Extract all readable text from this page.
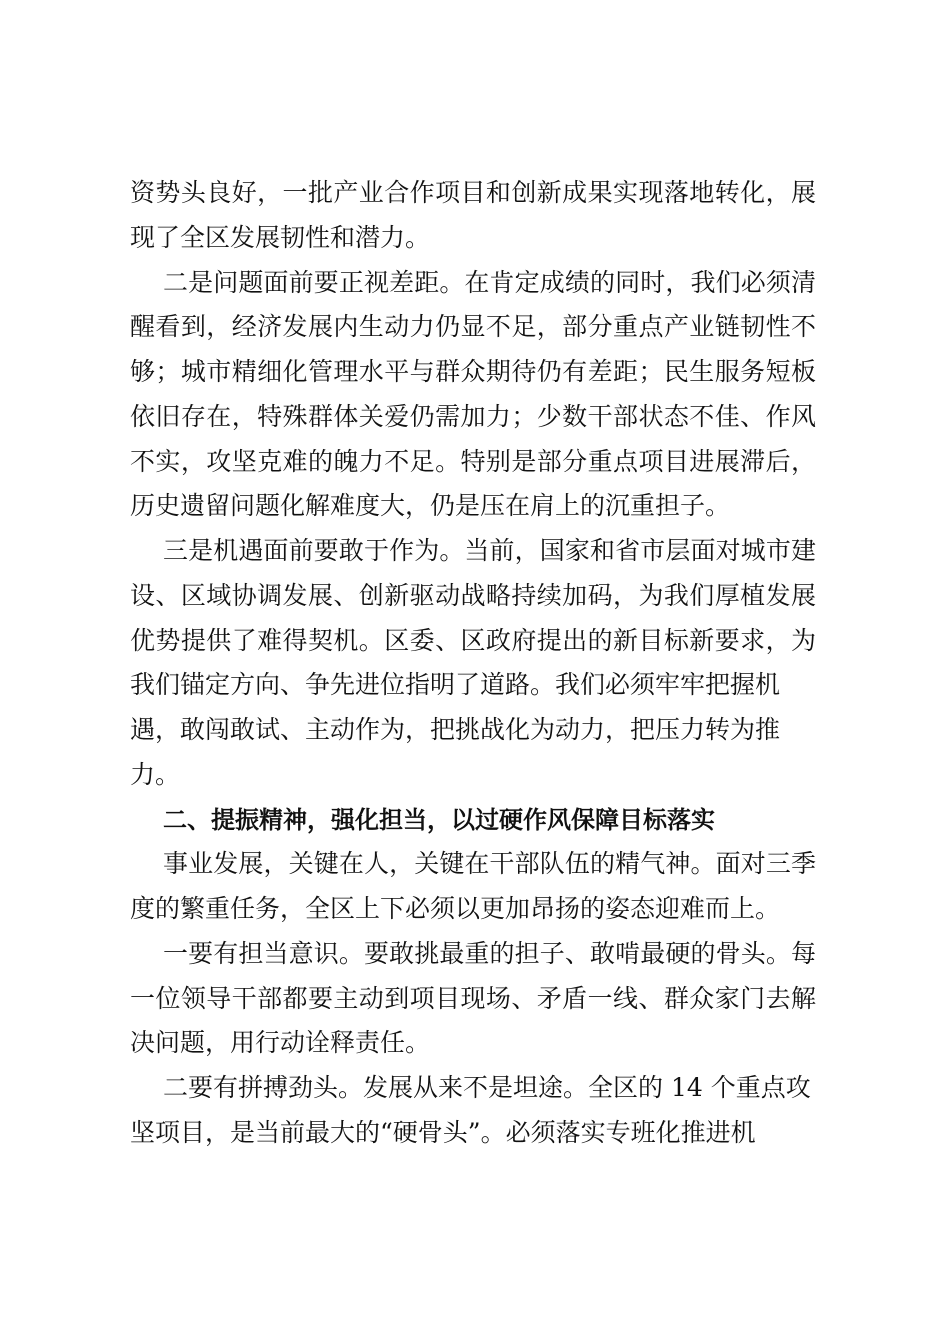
资势头良好，一批产业合作项目和创新成果实现落地转化，展
现了全区发展韧性和潜力。
二是问题面前要正视差距。在肯定成绩的同时，我们必须清
醒看到，经济发展内生动力仍显不足，部分重点产业链韧性不
够；城市精细化管理水平与群众期待仍有差距；民生服务短板
依旧存在，特殊群体关爱仍需加力；少数干部状态不佳、作风
不实，攻坚克难的魄力不足。特别是部分重点项目进展滞后，
历史遗留问题化解难度大，仍是压在肩上的沉重担子。
三是机遇面前要敢于作为。当前，国家和省市层面对城市建
设、区域协调发展、创新驱动战略持续加码，为我们厚植发展
优势提供了难得契机。区委、区政府提出的新目标新要求，为
我们锚定方向、争先进位指明了道路。我们必须牢牢把握机
遇，敢闯敢试、主动作为，把挑战化为动力，把压力转为推
力。
二、提振精神，强化担当，以过硬作风保障目标落实
事业发展，关键在人，关键在干部队伍的精气神。面对三季
度的繁重任务，全区上下必须以更加昂扬的姿态迎难而上。
一要有担当意识。要敢挑最重的担子、敢啃最硬的骨头。每
一位领导干部都要主动到项目现场、矛盾一线、群众家门去解
决问题，用行动诠释责任。
二要有拼搏劲头。发展从来不是坦途。全区的 14 个重点攻
坚项目，是当前最大的“硬骨头”。必须落实专班化推进机
